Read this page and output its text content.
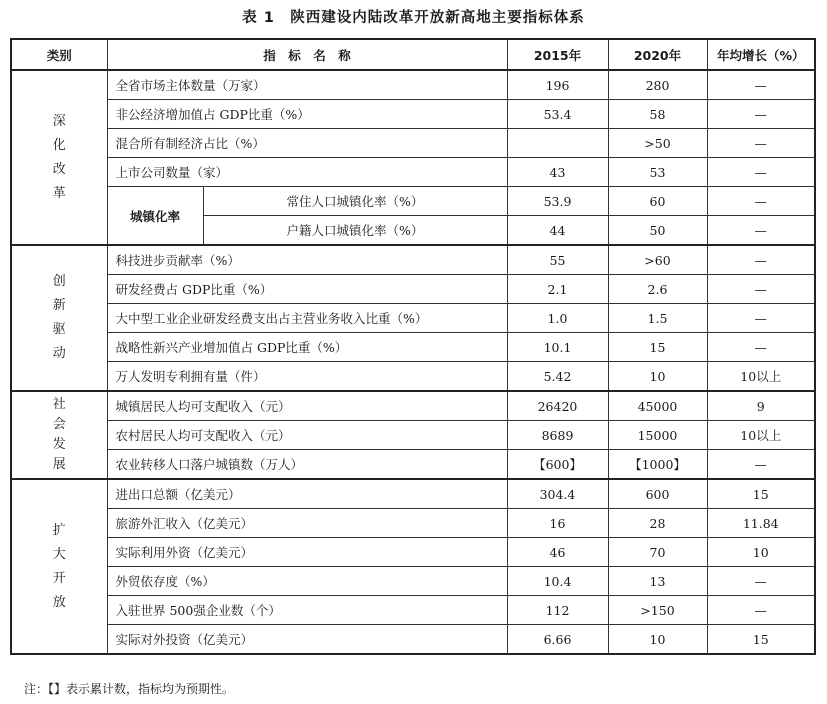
表 1　陕西建设内陆改革开放新高地主要指标体系
类别	指　标　名　称		2015年	2020年	年均增长（%）

深
化
改
革	全省市场主体数量（万家）		196	280	—
	非公经济增加值占 GDP比重（%）		53.4	58	—
	混合所有制经济占比（%）			>50	—
	上市公司数量（家）		43	53	—
	城镇化率	常住人口城镇化率（%）	53.9	60	—
		户籍人口城镇化率（%）	44	50	—

创
新
驱
动	科技进步贡献率（%）		55	>60	—
	研发经费占 GDP比重（%）		2.1	2.6	—
	大中型工业企业研发经费支出占主营业务收入比重（%）		1.0	1.5	—
	战略性新兴产业增加值占 GDP比重（%）		10.1	15	—
	万人发明专利拥有量（件）		5.42	10	10以上

社
会
发
展	城镇居民人均可支配收入（元）		26420	45000	9
	农村居民人均可支配收入（元）		8689	15000	10以上
	农业转移人口落户城镇数（万人）		【600】	【1000】	—

扩
大
开
放	进出口总额（亿美元）		304.4	600	15
	旅游外汇收入（亿美元）		16	28	11.84
	实际利用外资（亿美元）		46	70	10
	外贸依存度（%）		10.4	13	—
	入驻世界 500强企业数（个）		112	>150	—
	实际对外投资（亿美元）		6.66	10	15
注：【】表示累计数，指标均为预期性。
